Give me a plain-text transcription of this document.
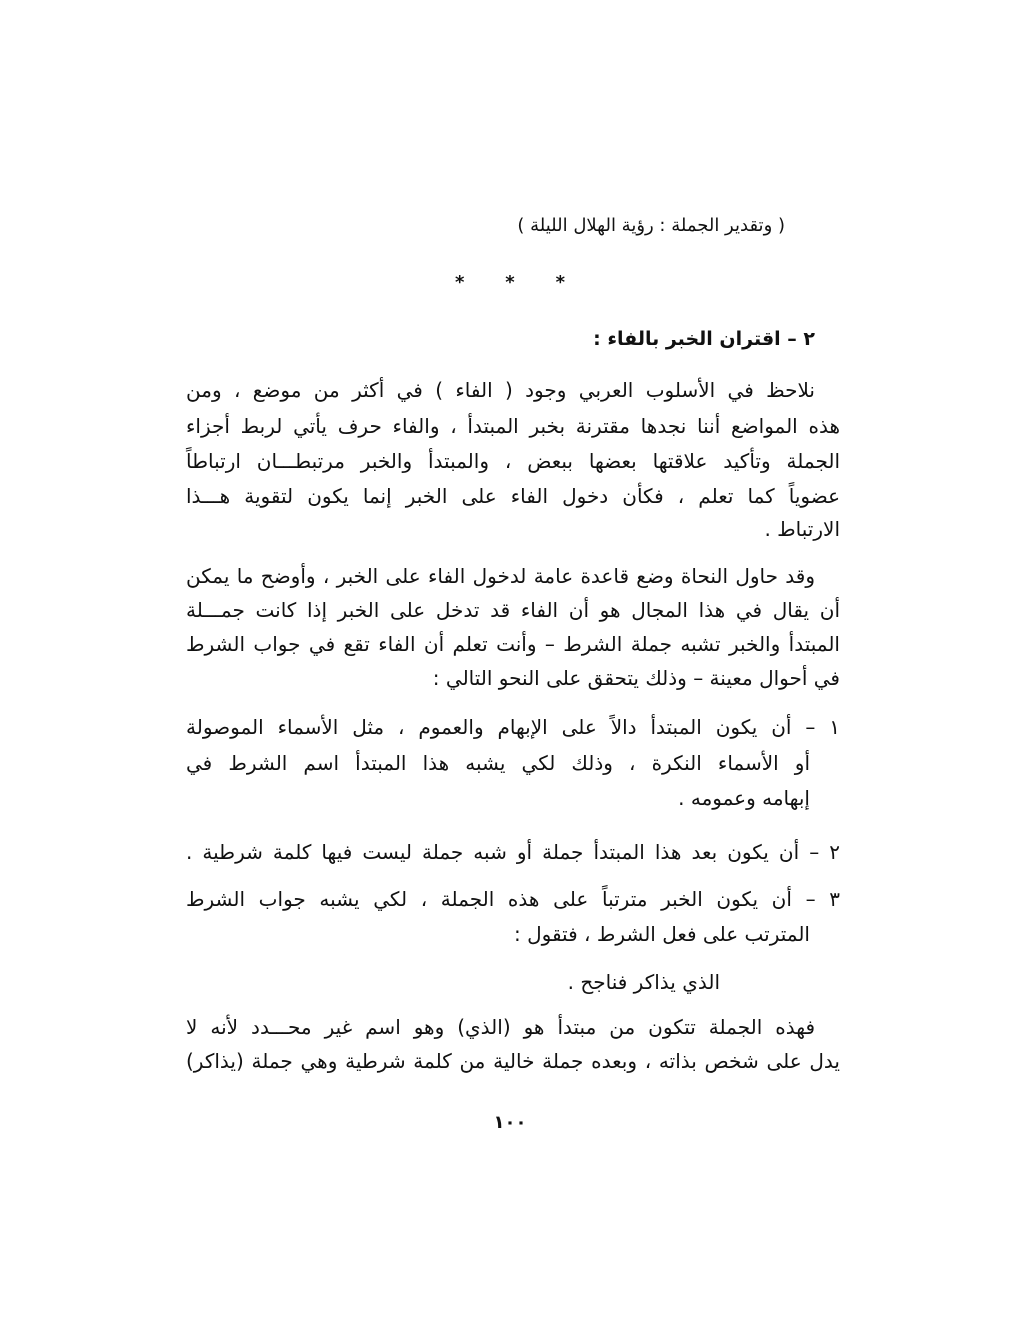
( وتقدير الجملة : رؤية الهلال الليلة )
* * *
٢ – اقتران الخبر بالفاء :
نلاحظ في الأسلوب العربي وجود ( الفاء ) في أكثر من موضع ، ومن
هذه المواضع أننا نجدها مقترنة بخبر المبتدأ ، والفاء حرف يأتي لربط أجزاء
الجملة وتأكيد علاقتها بعضها ببعض ، والمبتدأ والخبر مرتبطـــان ارتباطاً
عضوياً كما تعلم ، فكأن دخول الفاء على الخبر إنما يكون لتقوية هـــذا
الارتباط .
وقد حاول النحاة وضع قاعدة عامة لدخول الفاء على الخبر ، وأوضح ما يمكن
أن يقال في هذا المجال هو أن الفاء قد تدخل على الخبر إذا كانت جمـــلة
المبتدأ والخبر تشبه جملة الشرط – وأنت تعلم أن الفاء تقع في جواب الشرط
في أحوال معينة – وذلك يتحقق على النحو التالي :
١ – أن يكون المبتدأ دالاً على الإبهام والعموم ، مثل الأسماء الموصولة
أو الأسماء النكرة ، وذلك لكي يشبه هذا المبتدأ اسم الشرط في
إبهامه وعمومه .
٢ – أن يكون بعد هذا المبتدأ جملة أو شبه جملة ليست فيها كلمة شرطية .
٣ – أن يكون الخبر مترتباً على هذه الجملة ، لكي يشبه جواب الشرط
المترتب على فعل الشرط ، فتقول :
الذي يذاكر فناجح .
فهذه الجملة تتكون من مبتدأ هو (الذي) وهو اسم غير محـــدد لأنه لا
يدل على شخص بذاته ، وبعده جملة خالية من كلمة شرطية وهي جملة (يذاكر)
١٠٠
